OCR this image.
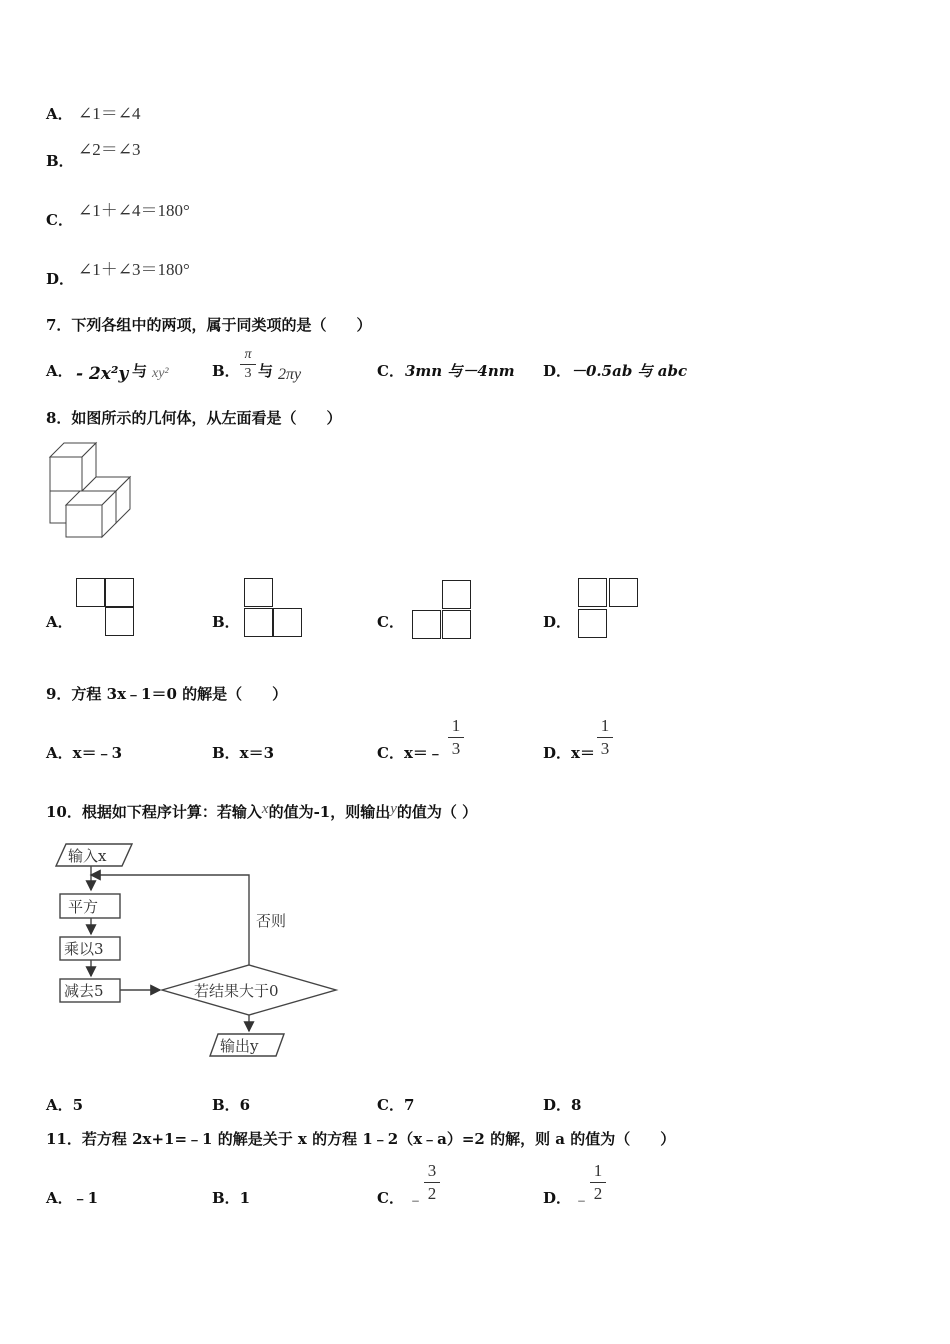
A． ∠1＝∠4
B．
∠2＝∠3
C． ∠1＋∠4＝180°
D． ∠1＋∠3＝180°
7．下列各组中的两项，属于同类项的是（　　）
A． - 2x²y 与 xy²	B．
π
3 与 2πy	C． 3mn 与－4nm D． －0.5ab 与 abc
8．如图所示的几何体，从左面看是（　　）
A．	B．	C．	D．
9．方程 3x﹣1＝0 的解是（　　）
A．x＝﹣3	B．x＝3	C．x＝﹣
1
3	D．x＝
1
3
10．根据如下程序计算：若输入x的值为-1，则输出y的值为（ ）
输入x
平方
乘以3
减去5	若结果大于0
否则
输出y
A．5	B．6	C．7	D．8
11．若方程 2x+1=﹣1 的解是关于 x 的方程 1﹣2（x﹣a）=2 的解，则 a 的值为（　　）
A．﹣1	B．1	C． ﹣
3
2	D． ﹣
1
2
